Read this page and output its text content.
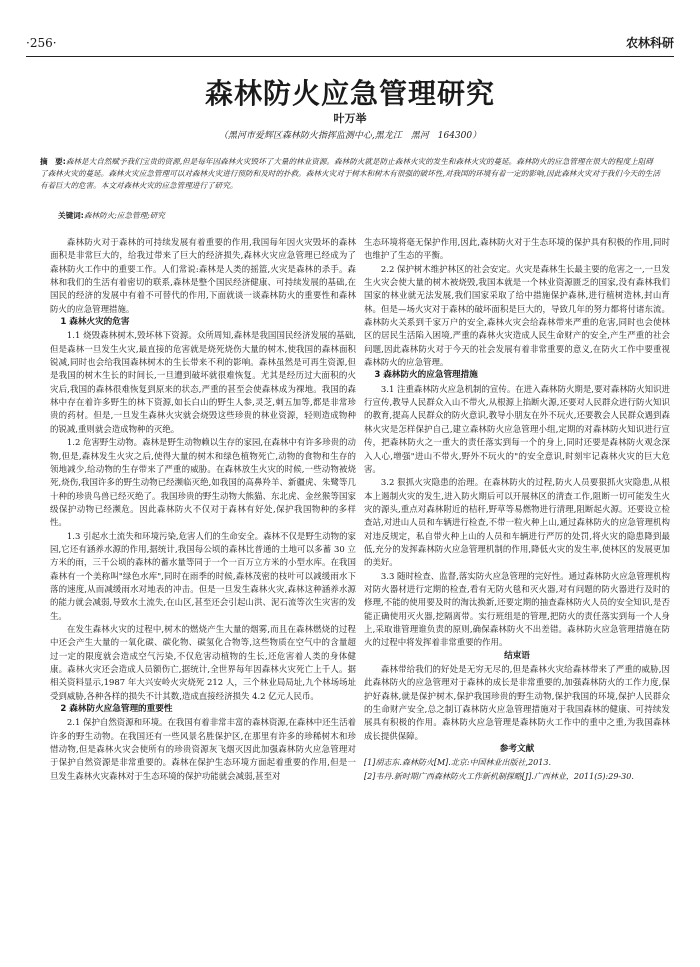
·256·	农林科研
森林防火应急管理研究
叶万举
（黑河市爱辉区森林防火指挥监测中心,黑龙江　黑河　164300）
摘　要:森林是大自然赋予我们宝贵的资源,但是每年因森林火灾毁坏了大量的林业资源。森林防火就是防止森林火灾的发生和森林火灾的蔓延。森林防火的应急管理在很大的程度上阻碍了森林火灾的蔓延。森林火灾应急管理可以对森林火灾进行预防和及时的扑救。森林火灾对于树木和树木有很强的破坏性,对我国的环境有着一定的影响,因此森林火灾对于我们今天的生活有着巨大的危害。本文对森林火灾的应急管理进行了研究。
关键词:森林防火;应急管理;研究

森林防火对于森林的可持续发展有着重要的作用,我国每年因火灾毁坏的森林面积是非常巨大的，给我过带来了巨大的经济损失,森林火灾应急管理已经成为了森林防火工作中的重要工作。人们常说:森林是人类的摇篮,火灾是森林的杀手。森林和我们的生活有着密切的联系,森林是整个国民经济健康、可持续发展的基础,在国民的经济的发展中有着不可替代的作用,下面就谈一谈森林防火的重要性和森林防火的应急管理措施。

1 森林火灾的危害

1.1 烧毁森林树木,毁坏林下资源。众所周知,森林是我国国民经济发展的基础,但是森林一旦发生火灾,最直接的危害就是烧死烧伤大量的树木,使我国的森林面积锐减,同时也会给我国森林树木的生长带来不利的影响。森林虽然是可再生资源,但是我国的树木生长的时间长,一旦遭到破坏就很难恢复。尤其是经历过大面积的火灾后,我国的森林很难恢复到原来的状态,严重的甚至会使森林成为裸地。我国的森林中存在着许多野生的林下资源,如长白山的野生人参,灵芝,刺五加等,都是非常珍贵的药材。但是,一旦发生森林火灾就会烧毁这些珍贵的林业资源，轻则造成物种的锐减,重则就会造成物种的灭绝。

1.2 危害野生动物。森林是野生动物赖以生存的家园,在森林中有许多珍贵的动物,但是,森林发生火灾之后,使得大量的树木和绿色植物死亡,动物的食物和生存的领地减少,给动物的生存带来了严重的威胁。在森林放生火灾的时候,一些动物被烧死,烧伤,我国许多的野生动物已经濒临灭绝,如我国的高鼻羚羊、新疆虎、朱鹭等几十种的珍贵鸟兽已经灭绝了。我国珍贵的野生动物大熊猫、东北虎、金丝猴等国家级保护动物已经濒危。因此森林防火不仅对于森林有好处,保护我国物种的多样性。

1.3 引起水土流失和环境污染,危害人们的生命安全。森林不仅是野生动物的家园,它还有涵养水源的作用,据统计,我国每公顷的森林比普通的土地可以多蓄 30 立方米的雨，三千公顷的森林的蓄水量等同于一个一百万立方米的小型水库。在我国森林有一个美称叫"绿色水库",同时在雨季的时候,森林茂密的枝叶可以减缓雨水下落的速度,从而减缓雨水对地表的冲击。但是一旦发生森林火灾,森林这种涵养水源的能力就会减弱,导致水土流失,在山区,甚至还会引起山洪、泥石流等次生灾害的发生。

在发生森林火灾的过程中,树木的燃烧产生大量的烟雾,而且在森林燃烧的过程中还会产生大量的一氧化碳、碳化物、碳氢化合物等,这些物质在空气中的含量超过一定的限度就会造成空气污染,不仅危害动植物的生长,还危害着人类的身体健康。森林火灾还会造成人员额伤亡,据统计,全世界每年因森林火灾死亡上千人。据相关资料显示,1987 年大兴安岭火灾烧死 212 人，三个林业局局址,九个林场场址受到威胁,各种各样的损失不计其数,造成直接经济损失 4.2 亿元人民币。

2 森林防火应急管理的重要性

2.1 保护自然资源和环境。在我国有着非常丰富的森林资源,在森林中还生活着许多的野生动物。在我国还有一些风景名胜保护区,在那里有许多的珍稀树木和珍惜动物,但是森林火灾会使所有的珍贵资源灰飞烟灭因此加强森林防火应急管理对于保护自然资源是非常重要的。森林在保护生态环境方面起着重要的作用,但是一旦发生森林火灾森林对于生态环境的保护功能就会减弱,甚至对

生态环境将毫无保护作用,因此,森林防火对于生态环境的保护具有积极的作用,同时也维护了生态的平衡。

2.2 保护树木维护林区的社会安定。火灾是森林生长最主要的危害之一,一旦发生火灾会使大量的树木被烧毁,我国本就是一个林业资源匮乏的国家,没有森林我们国家的林业就无法发展,我们国家采取了给中措施保护森林,进行植树造林,封山育林。但是—场火灾对于森林的破坏面积是巨大的，导致几年的努力都将付诸东流。森林防火关系到千家万户的安全,森林火灾会给森林带来严重的危害,同时也会使林区的居民生活陷入困境,严重的森林火灾造成人民生命财产的安全,产生严重的社会问题,因此森林防火对于今天的社会发展有着非常重要的意义,在防火工作中要重视森林防火的应急管理。

3 森林防火的应急管理措施

3.1 注重森林防火应急机制的宣传。在进入森林防火期是,要对森林防火知识进行宣传,教导人民群众入山不带火,从根源上掐断火源,还要对人民群众进行防火知识的教育,提高人民群众的防火意识,教导小朋友在外不玩火,还要教会人民群众遇到森林火灾是怎样保护自己,建立森林防火应急管理小组,定期的对森林防火知识进行宣传，把森林防火之一重大的责任落实到每一个的身上,同时还要是森林防火观念深入人心,增强"进山不带火,野外不玩火的"的安全意识,时刻牢记森林火灾的巨大危害。

3.2 狠抓火灾隐患的治理。在森林防火的过程,防火人员要狠抓火灾隐患,从根本上遏制火灾的发生,进入防火期后可以开展林区的清查工作,阻断一切可能发生火灾的源头,重点对森林附近的桔秆,野草等易燃物进行清理,阻断起火源。还要设立检查站,对进山人员和车辆进行检查,不带一粒火种上山,通过森林防火的应急管理机构对违反规定，私自带火种上山的人员和车辆进行严厉的处罚,将火灾的隐患降到最低,充分的发挥森林防火应急管理机制的作用,降低火灾的发生率,使林区的发展更加的美好。

3.3 随时检查、监督,落实防火应急管理的完好性。通过森林防火应急管理机构对防火器材进行定期的检查,看有无防火毯和灭火器,对有问题的防火器进行及时的修理,不能的使用要及时的淘汰换新,还要定期的抽查森林防火人员的安全知识,是否能正确使用灭火器,挖隔离带。实行班组是的管理,把防火的责任落实到每一个人身上,采取谁管理谁负责的原则,确保森林防火不出差错。森林防火应急管理措施在防火的过程中将发挥着非常重要的作用。

结束语

森林带给我们的好处是无穷无尽的,但是森林火灾给森林带来了严重的威胁,因此森林防火的应急管理对于森林的成长是非常重要的,加强森林防火的工作力度,保护好森林,就是保护树木,保护我国珍贵的野生动物,保护我国的环境,保护人民群众的生命财产安全,总之制订森林防火应急管理措施对于我国森林的健康、可持续发展具有积极的作用。森林防火应急管理是森林防火工作中的重中之重,为我国森林成长提供保障。

参考文献

[1]胡志东.森林防火[M].北京:中国林业出版社,2013.

[2]韦丹.新时期广西森林防火工作新机制探略[J].广西林业，2011(5):29-30.
